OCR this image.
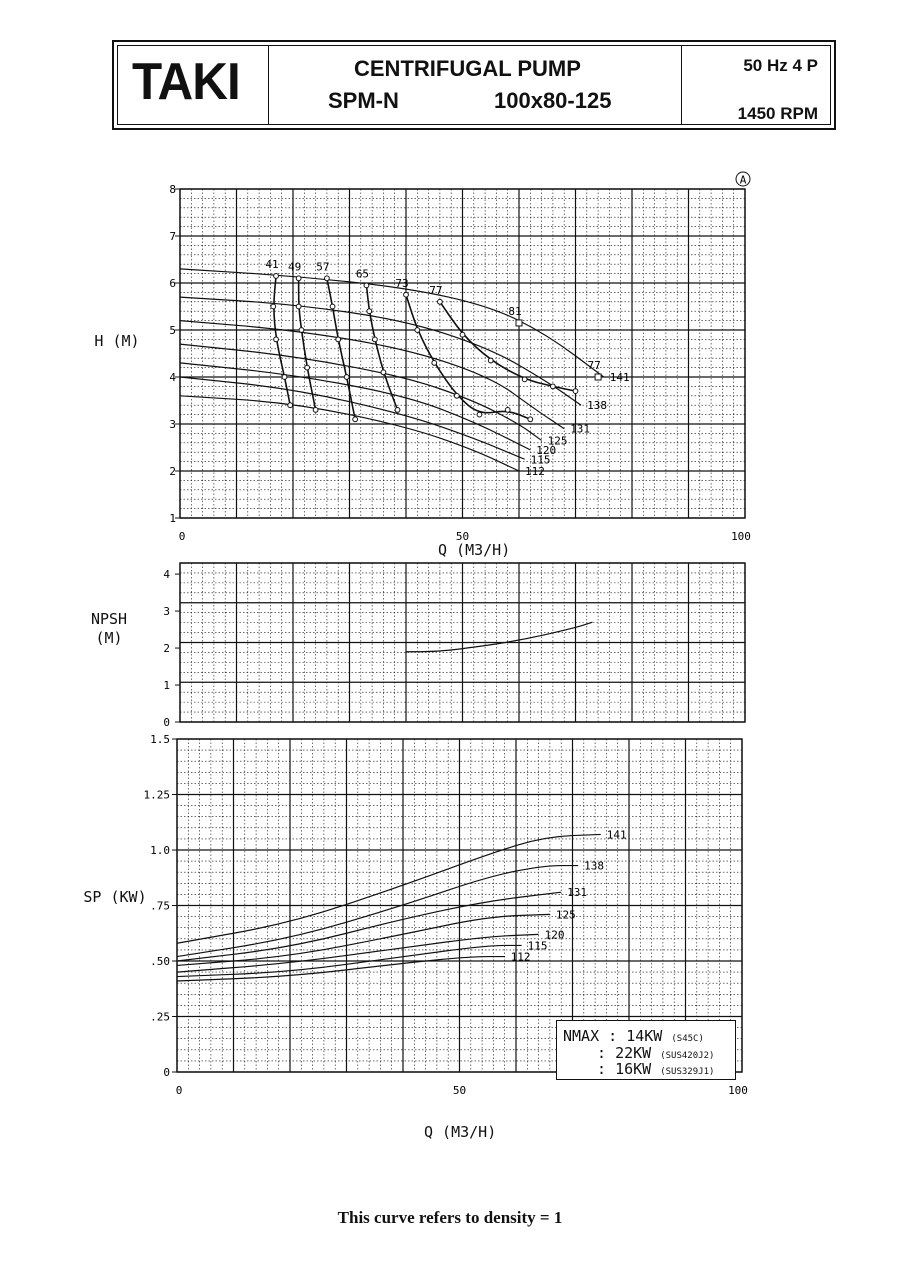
TAKI	CENTRIFUGAL PUMP
SPM-N	100x80-125
50 Hz 4 P
1450 RPM
1
2
3
4
5
6
7
8
0	50	100
141
138
131
125
120
115
112
41 49 57
65
73
77
81
77
0
1
2
3
4
0
.25
.50
.75
1.0
1.25
1.5
0	50	100
141
138
131
125
120
115
112
A
H (M)
Q (M3/H)
NPSH (M)
SP (KW)
Q (M3/H)
NMAX : 14KW (S45C)
: 22KW (SUS420J2)
: 16KW (SUS329J1)
This curve refers to density = 1
